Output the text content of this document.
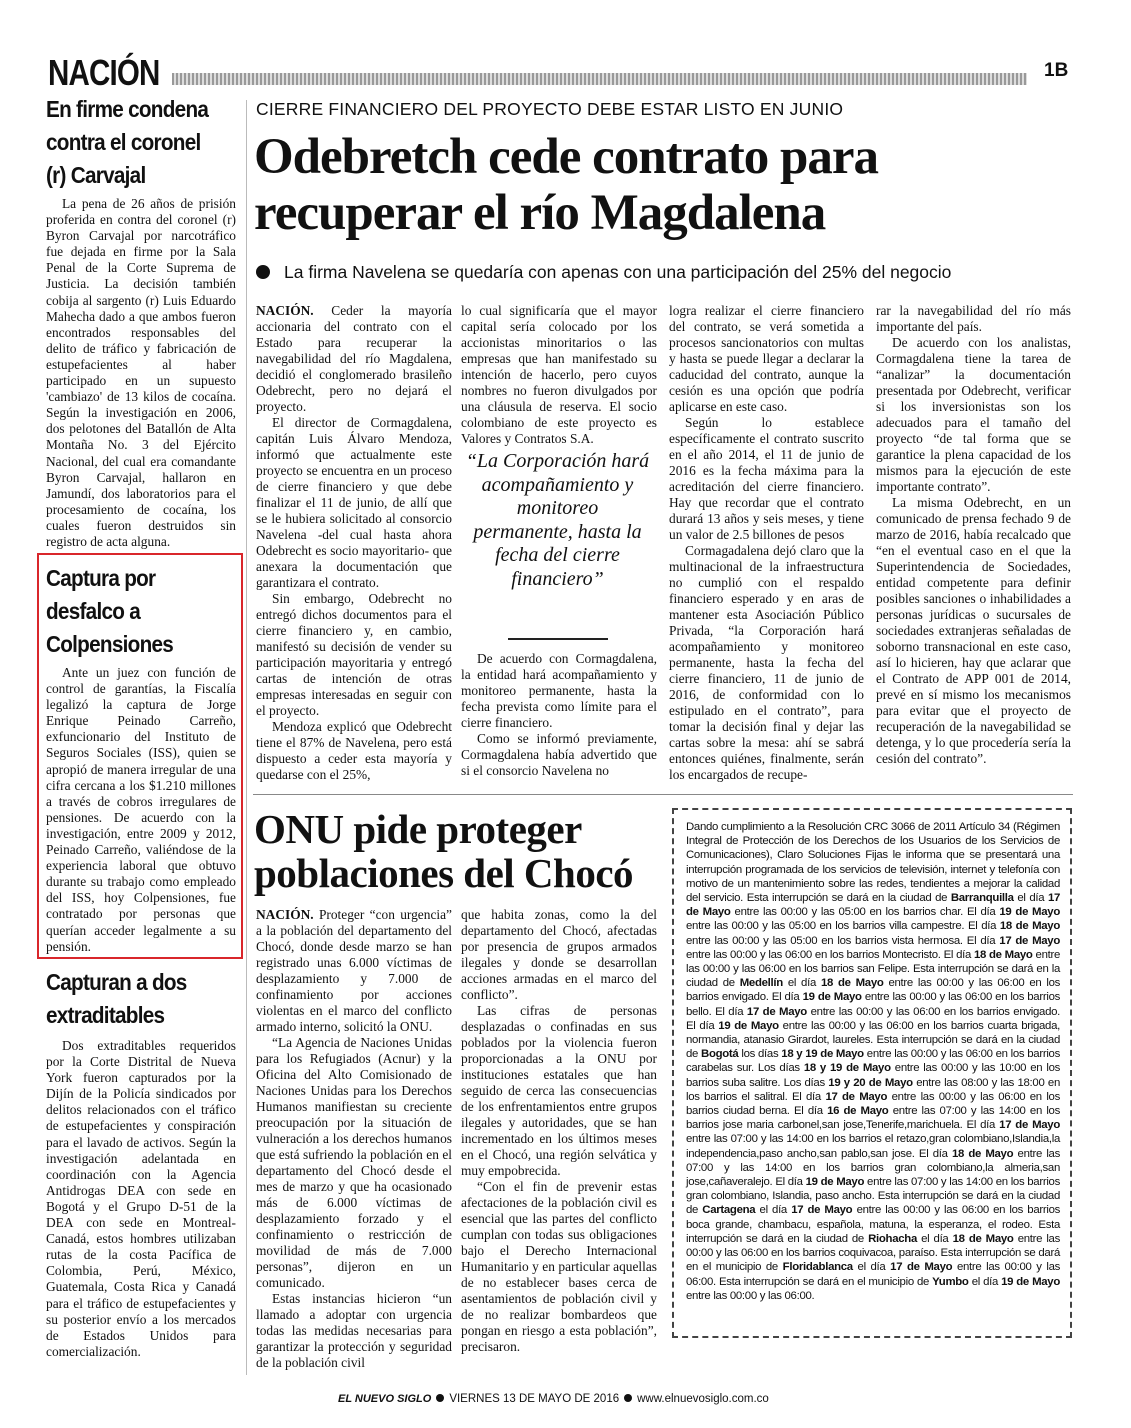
NACIÓN	1B

En firme condena

contra el coronel

(r) Carvajal

La pena de 26 años de prisión proferida en contra del coronel (r) Byron Carvajal por narcotráfico fue dejada en firme por la Sala Penal de la Corte Suprema de Justicia. La decisión también cobija al sargento (r) Luis Eduardo Mahecha dado a que ambos fueron encontrados responsables del delito de tráfico y fabricación de estupefacientes al haber participado en un supuesto 'cambiazo' de 13 kilos de cocaína. Según la investigación en 2006, dos pelotones del Batallón de Alta Montaña No. 3 del Ejército Nacional, del cual era comandante Byron Carvajal, hallaron en Jamundí, dos laboratorios para el procesamiento de cocaína, los cuales fueron destruidos sin registro de acta alguna.

Captura por

desfalco a

Colpensiones

Ante un juez con función de control de garantías, la Fiscalía legalizó la captura de Jorge Enrique Peinado Carreño, exfuncionario del Instituto de Seguros Sociales (ISS), quien se apropió de manera irregular de una cifra cercana a los $1.210 millones a través de cobros irregulares de pensiones. De acuerdo con la investigación, entre 2009 y 2012, Peinado Carreño, valiéndose de la experiencia laboral que obtuvo durante su trabajo como empleado del ISS, hoy Colpensiones, fue contratado por personas que querían acceder legalmente a su pensión.

Capturan a dos

extraditables

Dos extraditables requeridos por la Corte Distrital de Nueva York fueron capturados por la Dijín de la Policía sindicados por delitos relacionados con el tráfico de estupefacientes y conspiración para el lavado de activos. Según la investigación adelantada en coordinación con la Agencia Antidrogas DEA con sede en Bogotá y el Grupo D-51 de la DEA con sede en Montreal-Canadá, estos hombres utilizaban rutas de la costa Pacífica de Colombia, Perú, México, Guatemala, Costa Rica y Canadá para el tráfico de estupefacientes y su posterior envío a los mercados de Estados Unidos para comercialización.

CIERRE FINANCIERO DEL PROYECTO DEBE ESTAR LISTO EN JUNIO
Odebretch cede contrato para
recuperar el río Magdalena
La firma Navelena se quedaría con apenas con una participación del 25% del negocio

NACIÓN. Ceder la mayoría accionaria del contrato con el Estado para recuperar la navegabilidad del río Magdalena, decidió el conglomerado brasileño Odebrecht, pero no dejará el proyecto.

El director de Cormagdalena, capitán Luis Álvaro Mendoza, informó que actualmente este proyecto se encuentra en un proceso de cierre financiero y que debe finalizar el 11 de junio, de allí que se le hubiera solicitado al consorcio Navelena -del cual hasta ahora Odebrecht es socio mayoritario- que anexara la documentación que garantizara el contrato.

Sin embargo, Odebrecht no entregó dichos documentos para el cierre financiero y, en cambio, manifestó su decisión de vender su participación mayoritaria y entregó cartas de intención de otras empresas interesadas en seguir con el proyecto.

Mendoza explicó que Odebrecht tiene el 87% de Navelena, pero está dispuesto a ceder esta mayoría y quedarse con el 25%,

lo cual significaría que el mayor capital sería colocado por los accionistas minoritarios o las empresas que han manifestado su intención de hacerlo, pero cuyos nombres no fueron divulgados por una cláusula de reserva. El socio colombiano de este proyecto es Valores y Contratos S.A.

“La Corporación hará acompañamiento y monitoreo permanente, hasta la fecha del cierre financiero”

De acuerdo con Cormagdalena, la entidad hará acompañamiento y monitoreo permanente, hasta la fecha prevista como límite para el cierre financiero.

Como se informó previamente, Cormagdalena había advertido que si el consorcio Navelena no

logra realizar el cierre financiero del contrato, se verá sometida a procesos sancionatorios con multas y hasta se puede llegar a declarar la caducidad del contrato, aunque la cesión es una opción que podría aplicarse en este caso.

Según lo establece específicamente el contrato suscrito en el año 2014, el 11 de junio de 2016 es la fecha máxima para la acreditación del cierre financiero. Hay que recordar que el contrato durará 13 años y seis meses, y tiene un valor de 2.5 billones de pesos

Cormagadalena dejó claro que la multinacional de la infraestructura no cumplió con el respaldo financiero esperado y en aras de mantener esta Asociación Público Privada, “la Corporación hará acompañamiento y monitoreo permanente, hasta la fecha del cierre financiero, 11 de junio de 2016, de conformidad con lo estipulado en el contrato”, para tomar la decisión final y dejar las cartas sobre la mesa: ahí se sabrá entonces quiénes, finalmente, serán los encargados de recupe-

rar la navegabilidad del río más importante del país.

De acuerdo con los analistas, Cormagdalena tiene la tarea de “analizar” la documentación presentada por Odebrecht, verificar si los inversionistas son los adecuados para el tamaño del proyecto “de tal forma que se garantice la plena capacidad de los mismos para la ejecución de este importante contrato”.

La misma Odebrecht, en un comunicado de prensa fechado 9 de marzo de 2016, había recalcado que “en el eventual caso en el que la Superintendencia de Sociedades, entidad competente para definir posibles sanciones o inhabilidades a personas jurídicas o sucursales de sociedades extranjeras señaladas de soborno transnacional en este caso, así lo hicieren, hay que aclarar que el Contrato de APP 001 de 2014, prevé en sí mismo los mecanismos para evitar que el proyecto de recuperación de la navegabilidad se detenga, y lo que procedería sería la cesión del contrato”.

ONU pide proteger
poblaciones del Chocó

NACIÓN. Proteger “con urgencia” a la población del departamento del Chocó, donde desde marzo se han registrado unas 6.000 víctimas de desplazamiento y 7.000 de confinamiento por acciones violentas en el marco del conflicto armado interno, solicitó la ONU.

“La Agencia de Naciones Unidas para los Refugiados (Acnur) y la Oficina del Alto Comisionado de Naciones Unidas para los Derechos Humanos manifiestan su creciente preocupación por la situación de vulneración a los derechos humanos que está sufriendo la población en el departamento del Chocó desde el mes de marzo y que ha ocasionado más de 6.000 víctimas de desplazamiento forzado y el confinamiento o restricción de movilidad de más de 7.000 personas”, dijeron en un comunicado.

Estas instancias hicieron “un llamado a adoptar con urgencia todas las medidas necesarias para garantizar la protección y seguridad de la población civil

que habita zonas, como la del departamento del Chocó, afectadas por presencia de grupos armados ilegales y donde se desarrollan acciones armadas en el marco del conflicto”.

Las cifras de personas desplazadas o confinadas en sus poblados por la violencia fueron proporcionadas a la ONU por instituciones estatales que han seguido de cerca las consecuencias de los enfrentamientos entre grupos ilegales y autoridades, que se han incrementado en los últimos meses en el Chocó, una región selvática y muy empobrecida.

“Con el fin de prevenir estas afectaciones de la población civil es esencial que las partes del conflicto cumplan con todas sus obligaciones bajo el Derecho Internacional Humanitario y en particular aquellas de no establecer bases cerca de asentamientos de población civil y de no realizar bombardeos que pongan en riesgo a esta población”, precisaron.

Dando cumplimiento a la Resolución CRC 3066 de 2011 Artículo 34 (Régimen Integral de Protección de los Derechos de los Usuarios de los Servicios de Comunicaciones), Claro Soluciones Fijas le informa que se presentará una interrupción programada de los servicios de televisión, internet y telefonía con motivo de un mantenimiento sobre las redes, tendientes a mejorar la calidad del servicio. Esta interrupción se dará en la ciudad de Barranquilla el día 17 de Mayo entre las 00:00 y las 05:00 en los barrios char. El día 19 de Mayo entre las 00:00 y las 05:00 en los barrios villa campestre. El día 18 de Mayo entre las 00:00 y las 05:00 en los barrios vista hermosa. El día 17 de Mayo entre las 00:00 y las 06:00 en los barrios Montecristo. El día 18 de Mayo entre las 00:00 y las 06:00 en los barrios san Felipe. Esta interrupción se dará en la ciudad de Medellín el día 18 de Mayo entre las 00:00 y las 06:00 en los barrios envigado. El día 19 de Mayo entre las 00:00 y las 06:00 en los barrios bello. El día 17 de Mayo entre las 00:00 y las 06:00 en los barrios envigado. El día 19 de Mayo entre las 00:00 y las 06:00 en los barrios cuarta brigada, normandia, atanasio Girardot, laureles. Esta interrupción se dará en la ciudad de Bogotá los días 18 y 19 de Mayo entre las 00:00 y las 06:00 en los barrios carabelas sur. Los días 18 y 19 de Mayo entre las 00:00 y las 10:00 en los barrios suba salitre. Los días 19 y 20 de Mayo entre las 08:00 y las 18:00 en los barrios el salitral. El día 17 de Mayo entre las 00:00 y las 06:00 en los barrios ciudad berna. El día 16 de Mayo entre las 07:00 y las 14:00 en los barrios jose maria carbonel,san jose,Tenerife,marichuela. El día 17 de Mayo entre las 07:00 y las 14:00 en los barrios el retazo,gran colombiano,Islandia,la independencia,paso ancho,san pablo,san jose. El día 18 de Mayo entre las 07:00 y las 14:00 en los barrios gran colombiano,la almeria,san jose,cañaveralejo. El día 19 de Mayo entre las 07:00 y las 14:00 en los barrios gran colombiano, Islandia, paso ancho. Esta interrupción se dará en la ciudad de Cartagena el día 17 de Mayo entre las 00:00 y las 06:00 en los barrios boca grande, chambacu, española, matuna, la esperanza, el rodeo. Esta interrupción se dará en la ciudad de Riohacha el día 18 de Mayo entre las 00:00 y las 06:00 en los barrios coquivacoa, paraíso. Esta interrupción se dará en el municipio de Floridablanca el día 17 de Mayo entre las 00:00 y las 06:00. Esta interrupción se dará en el municipio de Yumbo el día 19 de Mayo entre las 00:00 y las 06:00.
EL NUEVO SIGLO VIERNES 13 DE MAYO DE 2016 www.elnuevosiglo.com.co
